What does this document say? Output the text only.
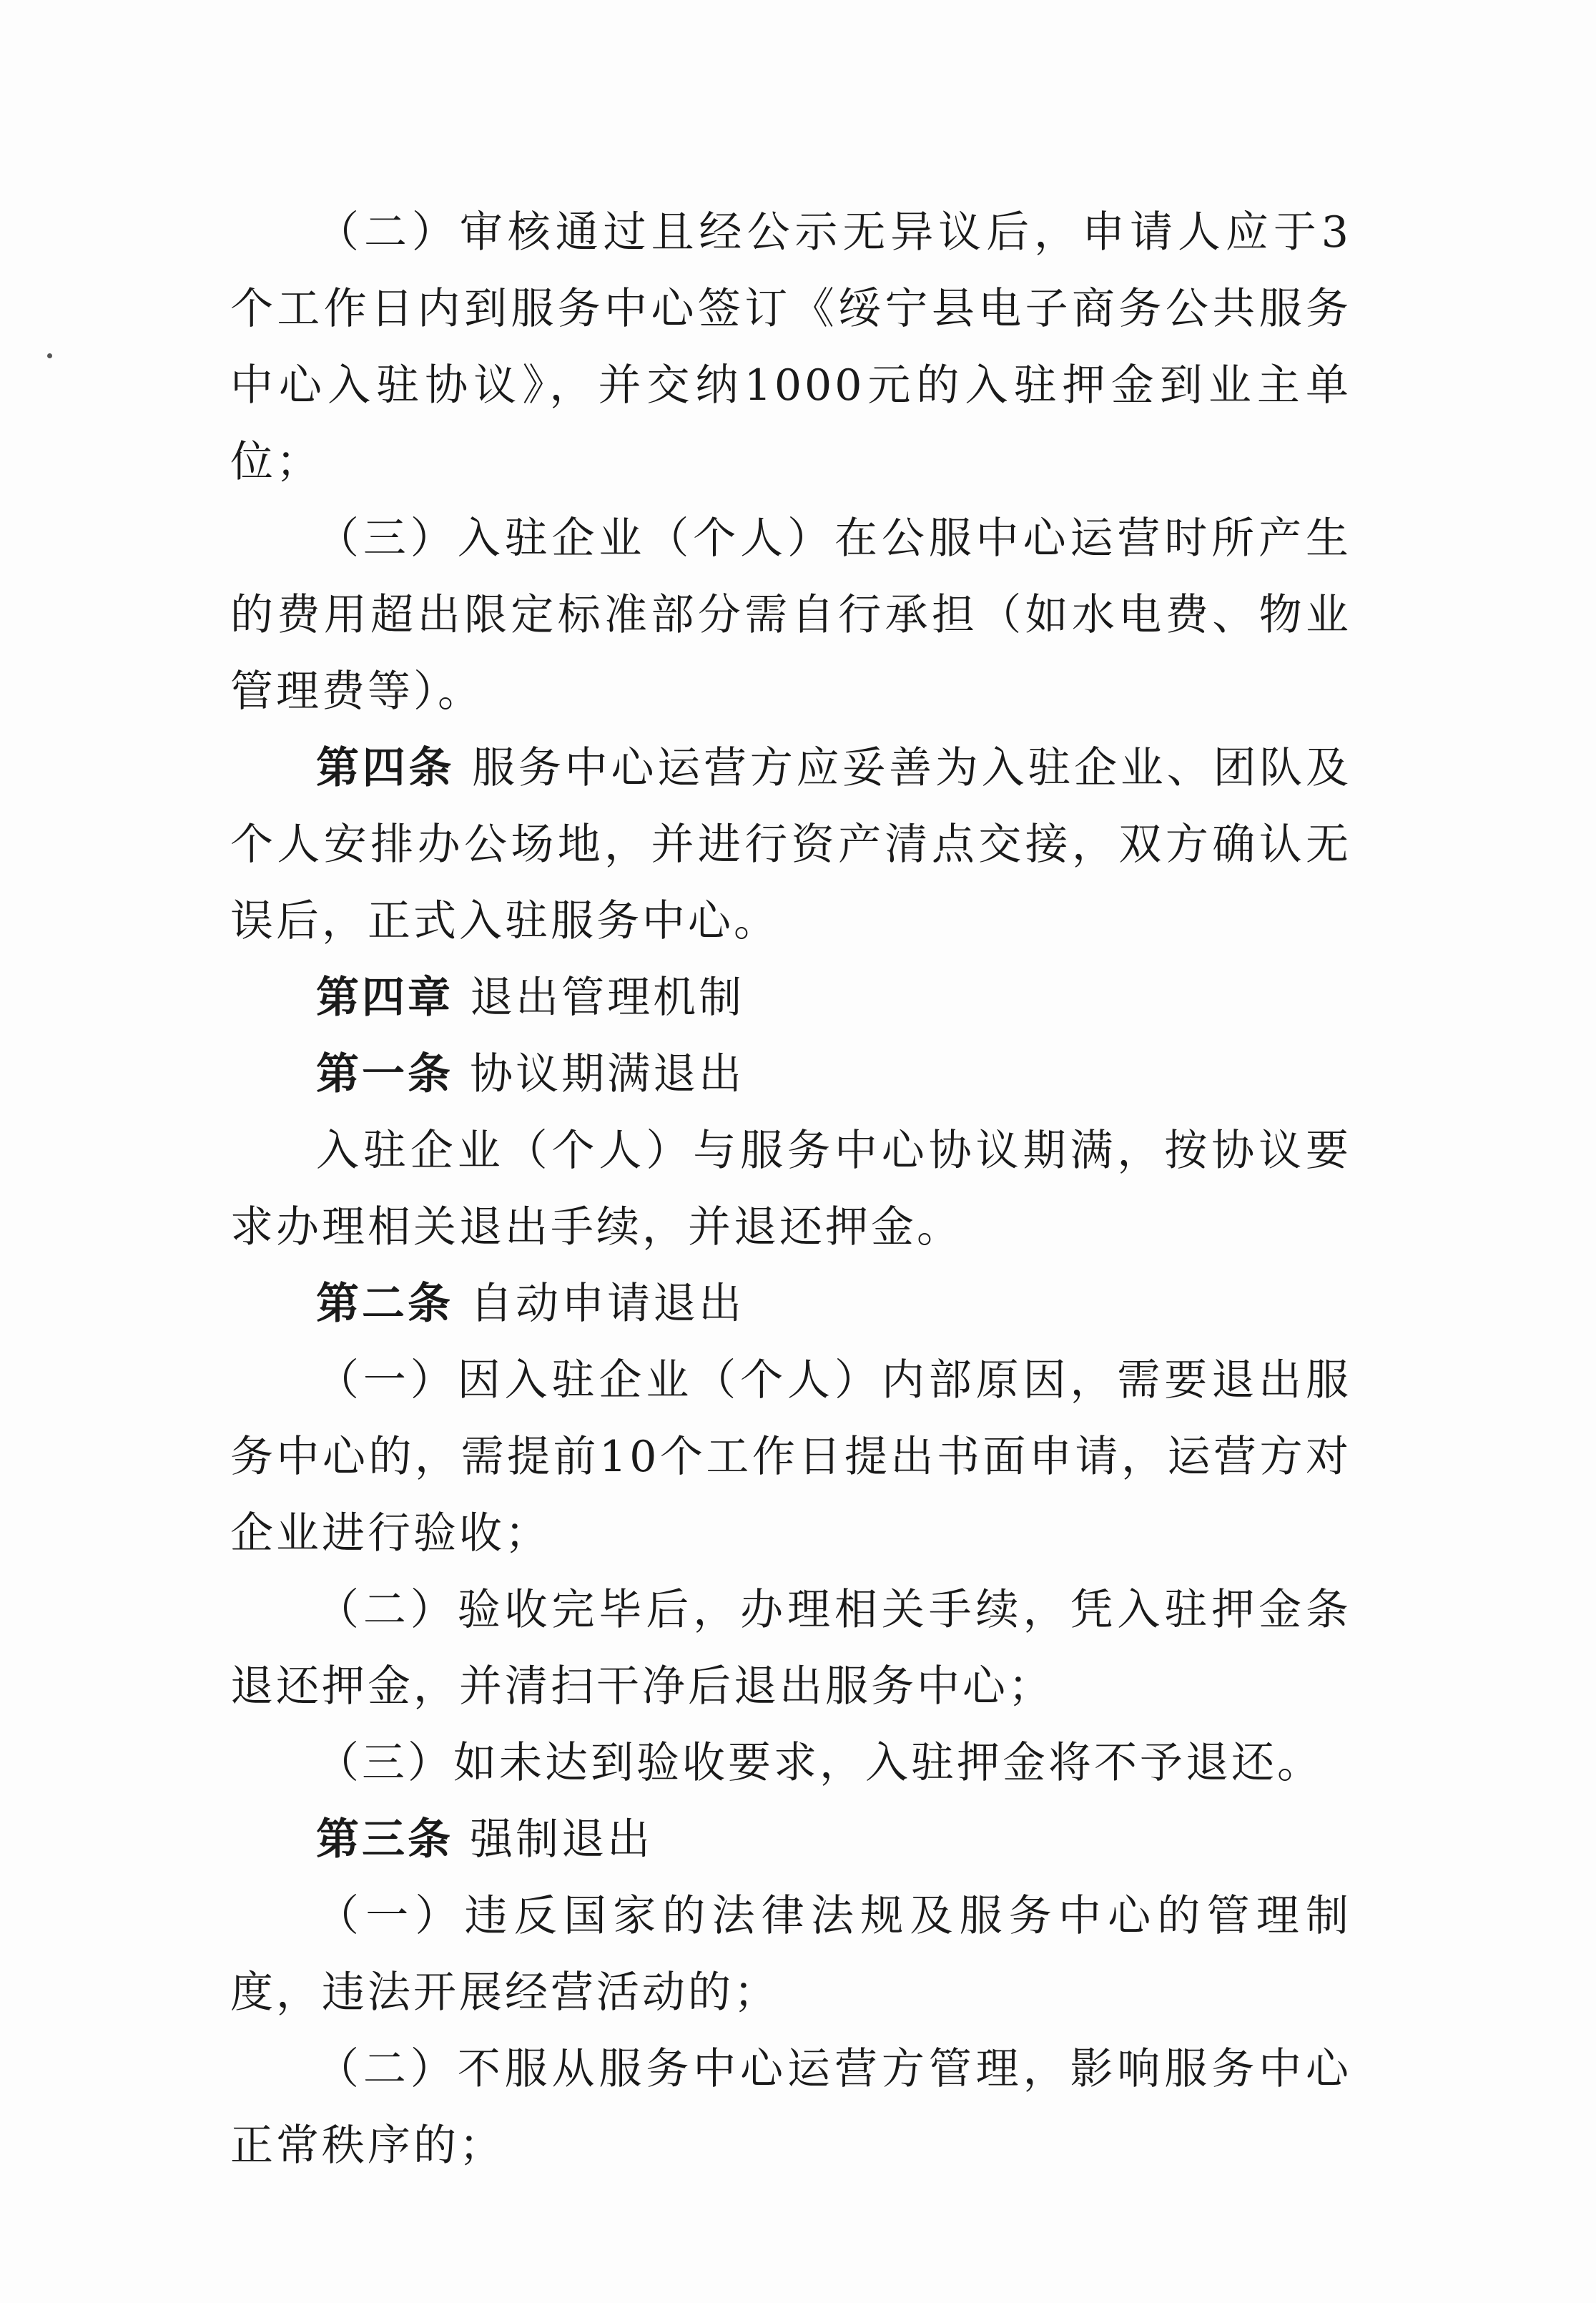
（二）审核通过且经公示无异议后，申请人应于3个工作日内到服务中心签订《绥宁县电子商务公共服务中心入驻协议》，并交纳1000元的入驻押金到业主单位；

（三）入驻企业（个人）在公服中心运营时所产生的费用超出限定标准部分需自行承担（如水电费、物业管理费等）。

第四条 服务中心运营方应妥善为入驻企业、团队及个人安排办公场地，并进行资产清点交接，双方确认无误后，正式入驻服务中心。

第四章 退出管理机制

第一条 协议期满退出

入驻企业（个人）与服务中心协议期满，按协议要求办理相关退出手续，并退还押金。

第二条 自动申请退出

（一）因入驻企业（个人）内部原因，需要退出服务中心的，需提前10个工作日提出书面申请，运营方对企业进行验收；

（二）验收完毕后，办理相关手续，凭入驻押金条退还押金，并清扫干净后退出服务中心；

（三）如未达到验收要求，入驻押金将不予退还。

第三条 强制退出

（一）违反国家的法律法规及服务中心的管理制度，违法开展经营活动的；

（二）不服从服务中心运营方管理，影响服务中心正常秩序的；
